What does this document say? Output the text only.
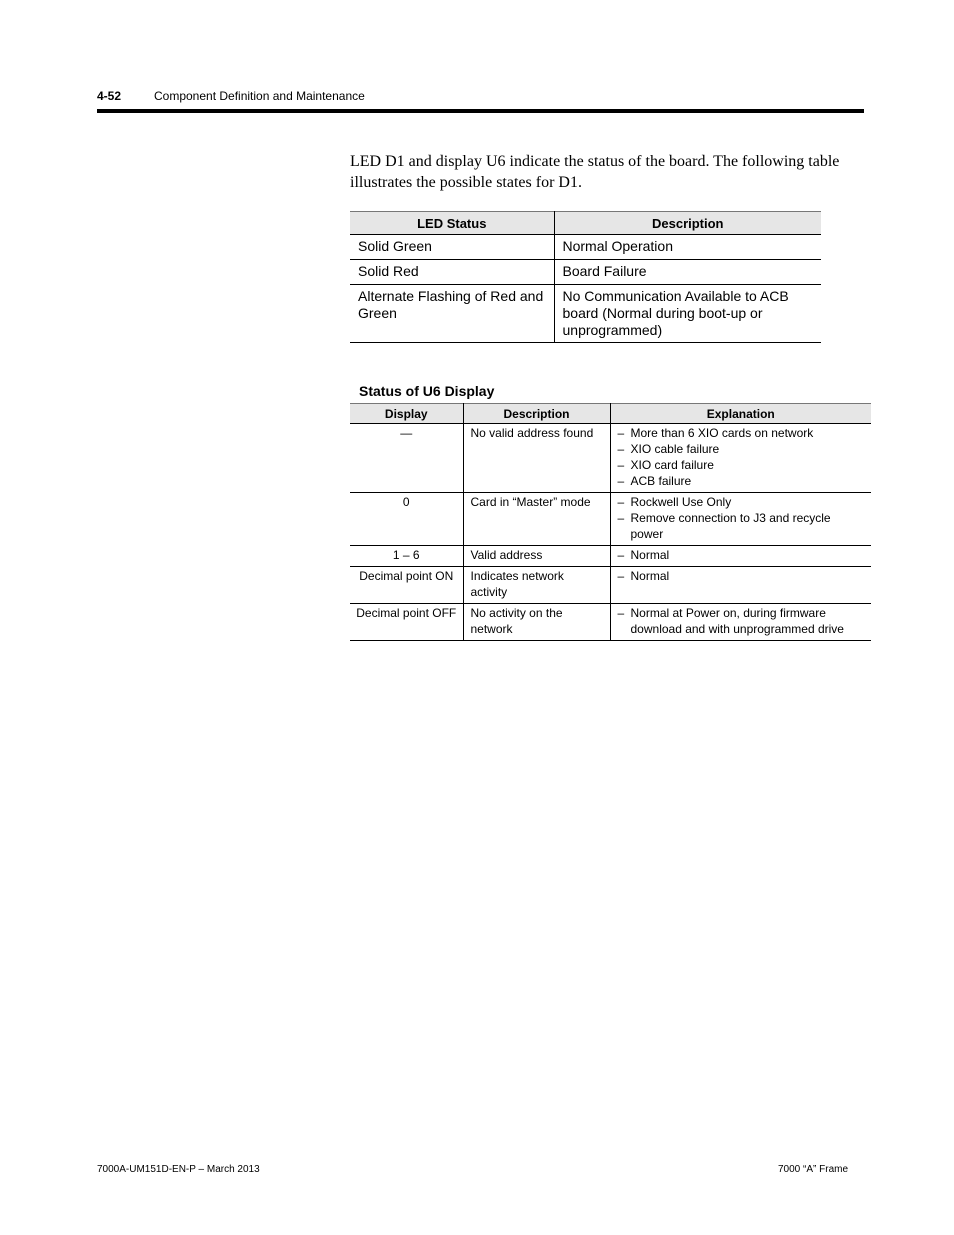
4-52	Component Definition and Maintenance
LED D1 and display U6 indicate the status of the board. The following table illustrates the possible states for D1.
LED Status	Description
Solid Green	Normal Operation
Solid Red	Board Failure
Alternate Flashing of Red and Green	No Communication Available to ACB board (Normal during boot-up or unprogrammed)
Status of U6 Display
Display	Description	Explanation
—	No valid address found	– More than 6 XIO cards on network
– XIO cable failure
– XIO card failure
– ACB failure

0	Card in “Master” mode	– Rockwell Use Only
– Remove connection to J3 and recycle power

1 – 6	Valid address	– Normal

Decimal point ON	Indicates network activity	– Normal

Decimal point OFF	No activity on the network	– Normal at Power on, during firmware download and with unprogrammed drive
7000A-UM151D-EN-P – March 2013	7000 “A” Frame
